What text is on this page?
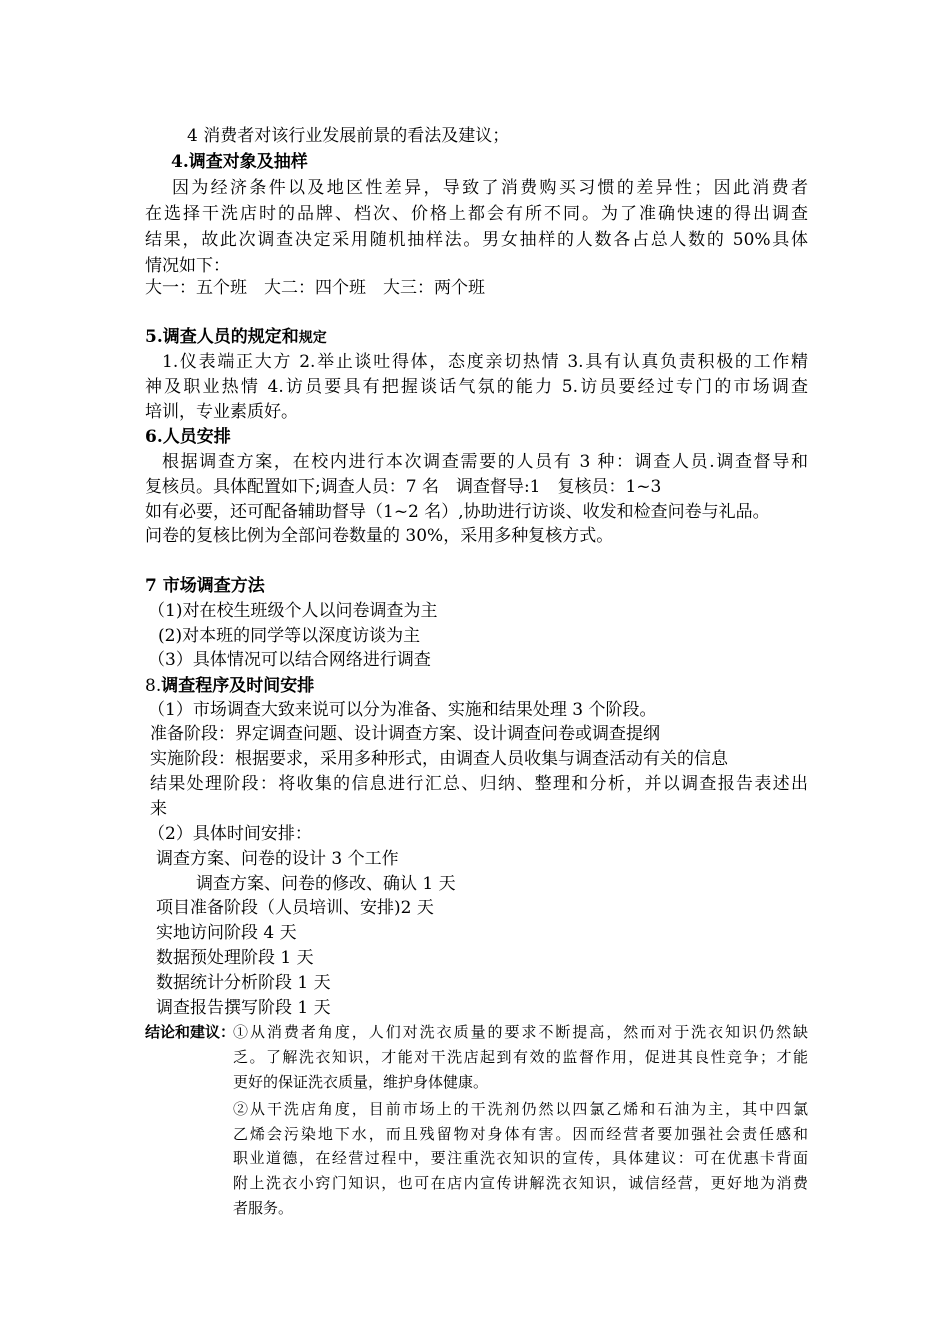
4 消费者对该行业发展前景的看法及建议；
4.调查对象及抽样
因为经济条件以及地区性差异，导致了消费购买习惯的差异性；因此消费者
在选择干洗店时的品牌、档次、价格上都会有所不同。为了准确快速的得出调查
结果，故此次调查决定采用随机抽样法。男女抽样的人数各占总人数的 50%具体
情况如下：
大一：五个班　大二：四个班　大三：两个班
5.调查人员的规定和规定
1.仪表端正大方 2.举止谈吐得体，态度亲切热情 3.具有认真负责积极的工作精
神及职业热情 4.访员要具有把握谈话气氛的能力 5.访员要经过专门的市场调查
培训，专业素质好。
6.人员安排
根据调查方案，在校内进行本次调查需要的人员有 3 种：调查人员.调查督导和
复核员。具体配置如下;调查人员：7 名　调查督导:1　复核员：1~3
如有必要，还可配备辅助督导（1~2 名）,协助进行访谈、收发和检查问卷与礼品。
问卷的复核比例为全部问卷数量的 30%，采用多种复核方式。
7 市场调查方法
（1)对在校生班级个人以问卷调查为主
(2)对本班的同学等以深度访谈为主
（3）具体情况可以结合网络进行调查
8.调查程序及时间安排
（1）市场调查大致来说可以分为准备、实施和结果处理 3 个阶段。
准备阶段：界定调查问题、设计调查方案、设计调查问卷或调查提纲
实施阶段：根据要求，采用多种形式，由调查人员收集与调查活动有关的信息
结果处理阶段：将收集的信息进行汇总、归纳、整理和分析，并以调查报告表述出
来
（2）具体时间安排：
调查方案、问卷的设计 3 个工作
调查方案、问卷的修改、确认 1 天
项目准备阶段（人员培训、安排)2 天
实地访问阶段 4 天
数据预处理阶段 1 天
数据统计分析阶段 1 天
调查报告撰写阶段 1 天
结论和建议：
①从消费者角度，人们对洗衣质量的要求不断提高，然而对于洗衣知识仍然缺
乏。了解洗衣知识，才能对干洗店起到有效的监督作用，促进其良性竞争；才能
更好的保证洗衣质量，维护身体健康。
②从干洗店角度，目前市场上的干洗剂仍然以四氯乙烯和石油为主，其中四氯
乙烯会污染地下水，而且残留物对身体有害。因而经营者要加强社会责任感和
职业道德，在经营过程中，要注重洗衣知识的宣传，具体建议：可在优惠卡背面
附上洗衣小窍门知识，也可在店内宣传讲解洗衣知识，诚信经营，更好地为消费
者服务。
